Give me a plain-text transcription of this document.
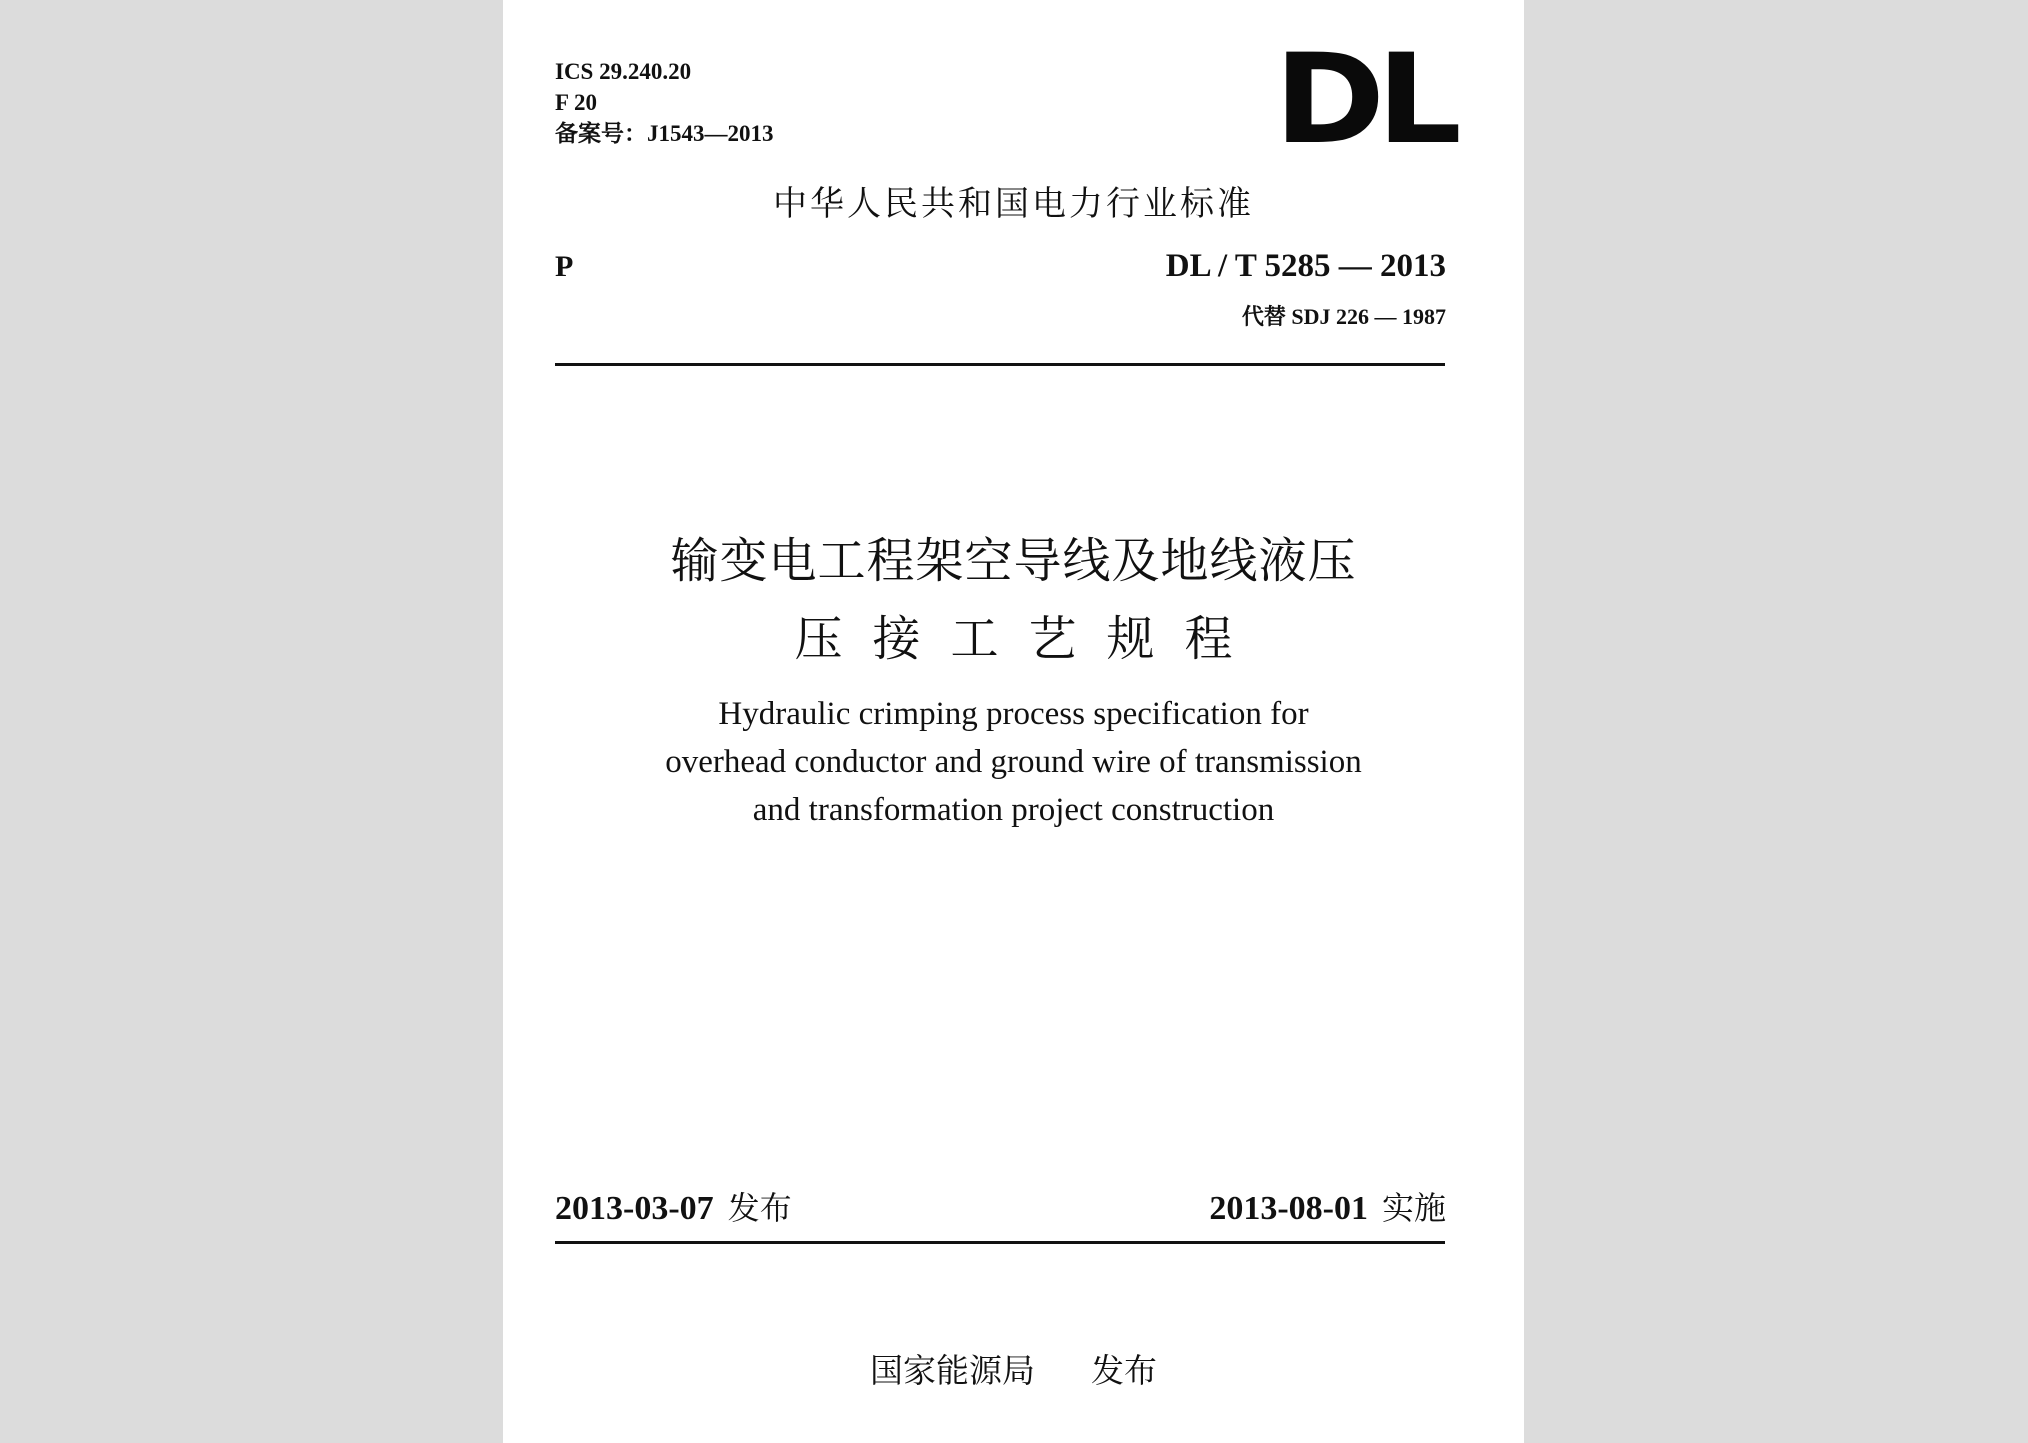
ICS 29.240.20
F 20
备案号：J1543—2013	DL
中华人民共和国电力行业标准
P	DL / T 5285 — 2013
代替 SDJ 226 — 1987
输变电工程架空导线及地线液压
压接工艺规程
Hydraulic crimping process specification for
overhead conductor and ground wire of transmission
and transformation project construction
2013-03-07 发布	2013-08-01 实施
国家能源局 发布
